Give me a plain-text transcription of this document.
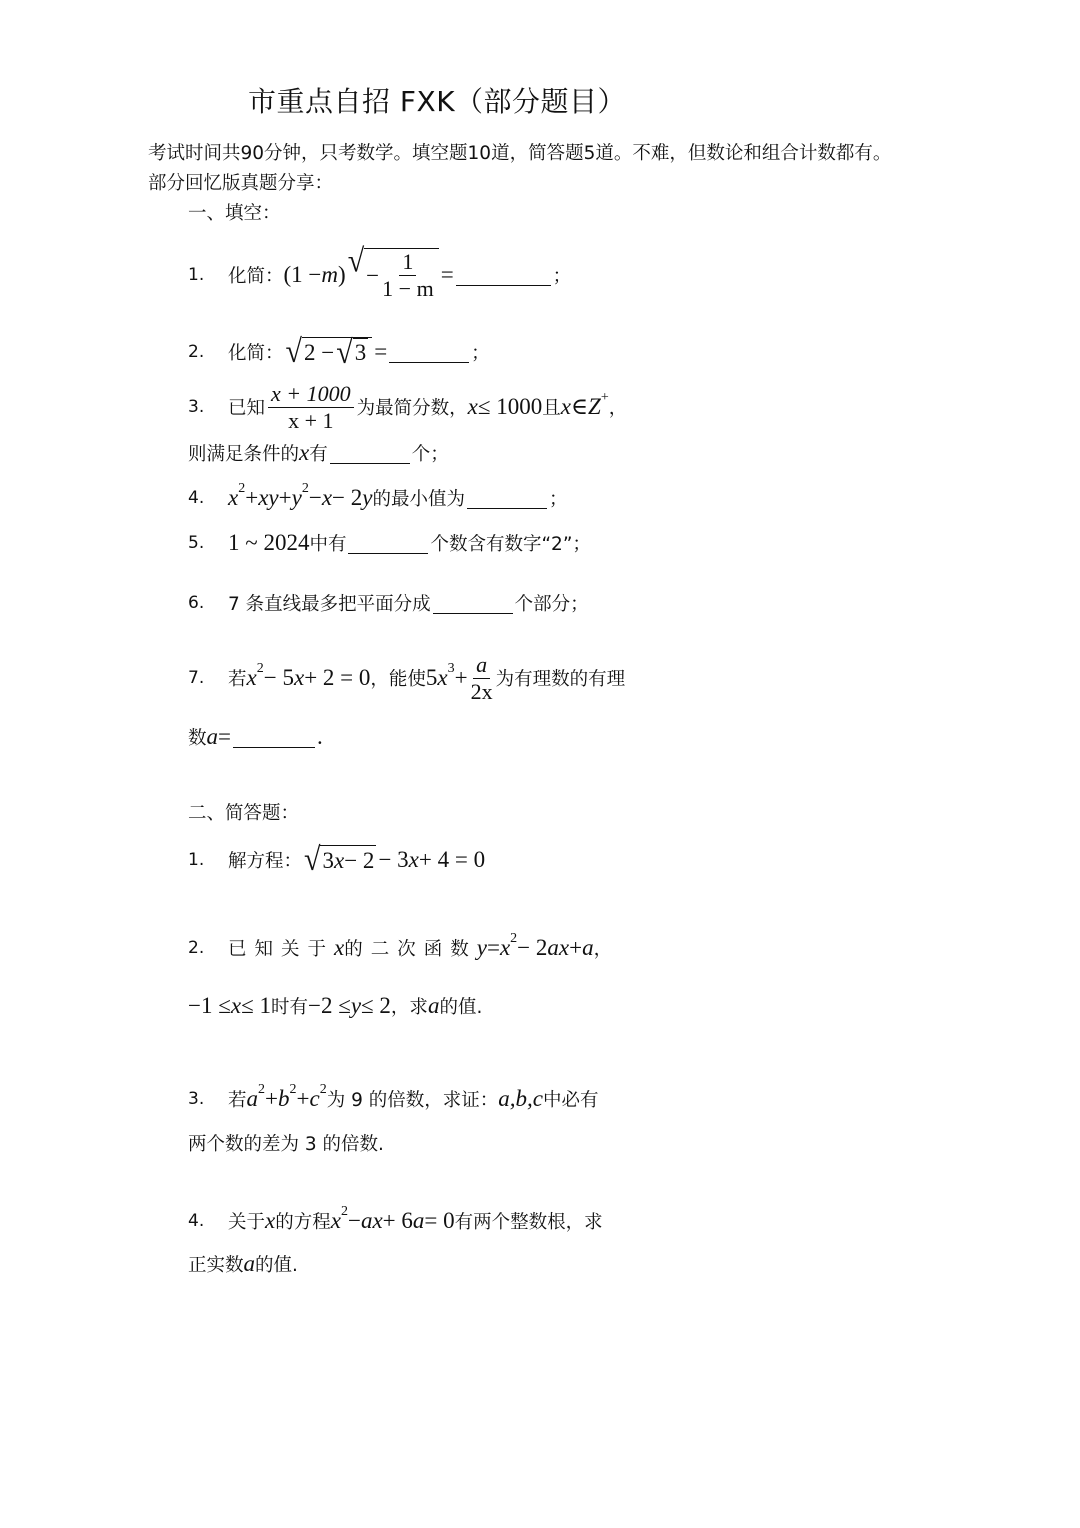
市重点自招 FXK（部分题目）
考试时间共90分钟，只考数学。填空题10道，简答题5道。不难，但数论和组合计数都有。
部分回忆版真题分享：
一、填空：
二、简答题：
1. 化简： (1 − m ) √ − $\frac{1}{1 - m}$ =	；
2. 化简： √ 2 − √ 3 =	；
3. 已知 $\frac{x + 1000}{x + 1}$ 为最简分数， x ≤ 1000 且 x ∈ Z +
，
则满足条件的 x 有	个；
4. x 2 + xy + y 2 − x − 2 y 的最小值为	；
5. 1 ~ 2024 中有	个数含有数字“2”；
6. 7 条直线最多把平面分成	个部分；
7. 若 x 2 − 5 x + 2 = 0 ，能使 5 x $3 + \frac{a}{2x}$ 为有理数的有理
数 a =	.
1. 解方程： √ 3 x − 2 − 3 x + 4 = 0
2. 已知关于 x 的二次函数 y = x 2 − 2 ax + a ，
−1 ≤ x ≤ 1 时有 −2 ≤ y ≤ 2 ，求 a 的值.
3. 若 a 2 + b 2 + c 2
为 9 的倍数，求证： a,b,c 中必有
两个数的差为 3 的倍数.
4. 关于 x 的方程 x 2 − ax + 6 a = 0 有两个整数根，求
正实数 a 的值.
